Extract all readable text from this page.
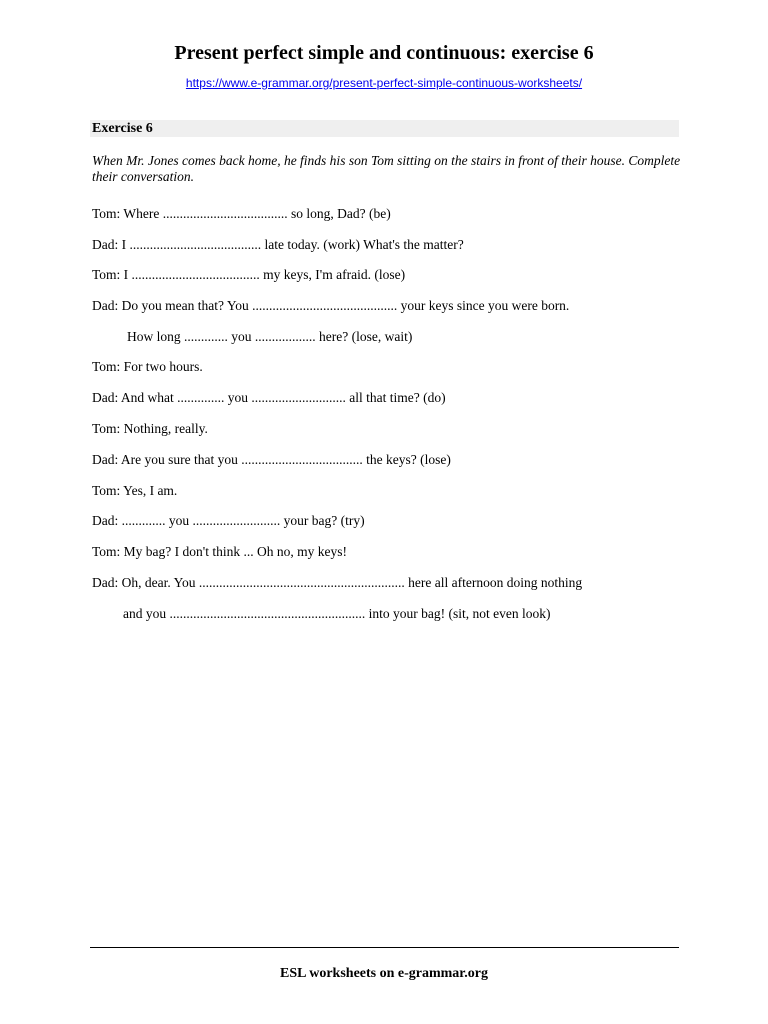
Present perfect simple and continuous: exercise 6
https://www.e-grammar.org/present-perfect-simple-continuous-worksheets/
Exercise 6
When Mr. Jones comes back home, he finds his son Tom sitting on the stairs in front of their house. Complete their conversation.
Tom: Where ..................................... so long, Dad? (be)
Dad: I ....................................... late today. (work) What's the matter?
Tom: I ...................................... my keys, I'm afraid. (lose)
Dad: Do you mean that? You ........................................... your keys since you were born.
How long ............. you .................. here? (lose, wait)
Tom: For two hours.
Dad: And what .............. you ............................ all that time? (do)
Tom: Nothing, really.
Dad: Are you sure that you .................................... the keys? (lose)
Tom: Yes, I am.
Dad: ............. you .......................... your bag? (try)
Tom: My bag? I don't think ... Oh no, my keys!
Dad: Oh, dear. You ............................................................. here all afternoon doing nothing
and you .......................................................... into your bag! (sit, not even look)
ESL worksheets on e-grammar.org
